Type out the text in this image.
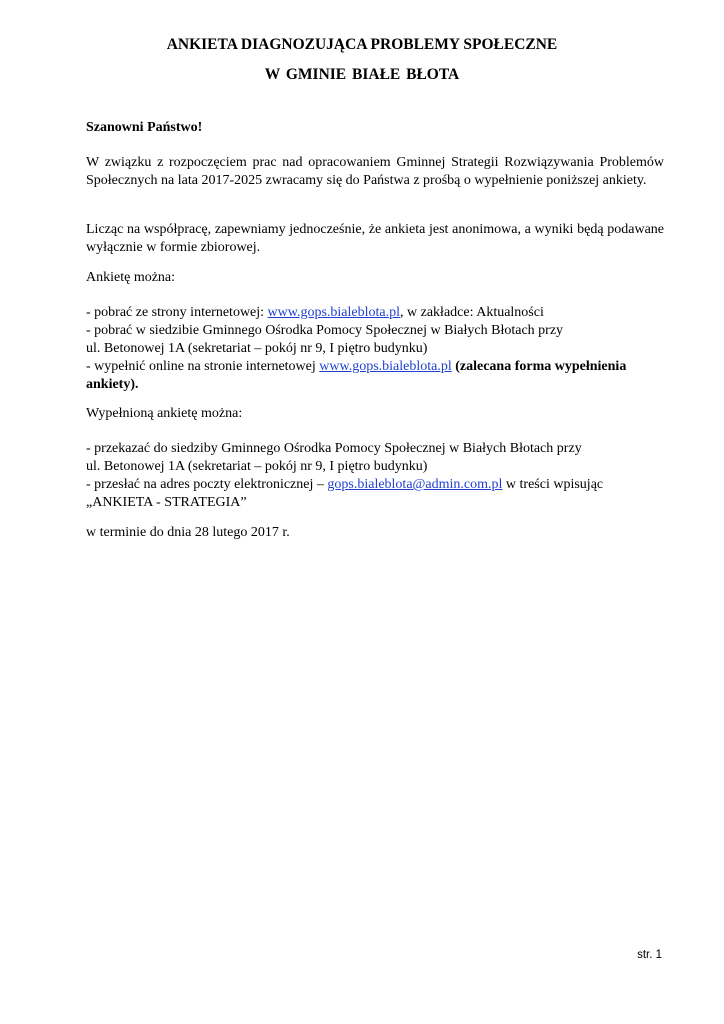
ANKIETA DIAGNOZUJĄCA PROBLEMY SPOŁECZNE
W GMINIE BIAŁE BŁOTA

Szanowni Państwo!

W związku z rozpoczęciem prac nad opracowaniem Gminnej Strategii Rozwiązywania Problemów Społecznych na lata 2017-2025 zwracamy się do Państwa z prośbą o wypełnienie poniższej ankiety.

Licząc na współpracę, zapewniamy jednocześnie, że ankieta jest anonimowa, a wyniki będą podawane wyłącznie w formie zbiorowej.

Ankietę można:

- pobrać ze strony internetowej: www.gops.bialeblota.pl, w zakładce: Aktualności
- pobrać w siedzibie Gminnego Ośrodka Pomocy Społecznej w Białych Błotach przy
ul. Betonowej 1A (sekretariat – pokój nr 9, I piętro budynku)
- wypełnić online na stronie internetowej www.gops.bialeblota.pl (zalecana forma wypełnienia ankiety).

Wypełnioną ankietę można:

- przekazać do siedziby Gminnego Ośrodka Pomocy Społecznej w Białych Błotach przy
ul. Betonowej 1A (sekretariat – pokój nr 9, I piętro budynku)
- przesłać na adres poczty elektronicznej – gops.bialeblota@admin.com.pl w treści wpisując
„ANKIETA - STRATEGIA”

w terminie do dnia 28 lutego 2017 r.

str. 1
